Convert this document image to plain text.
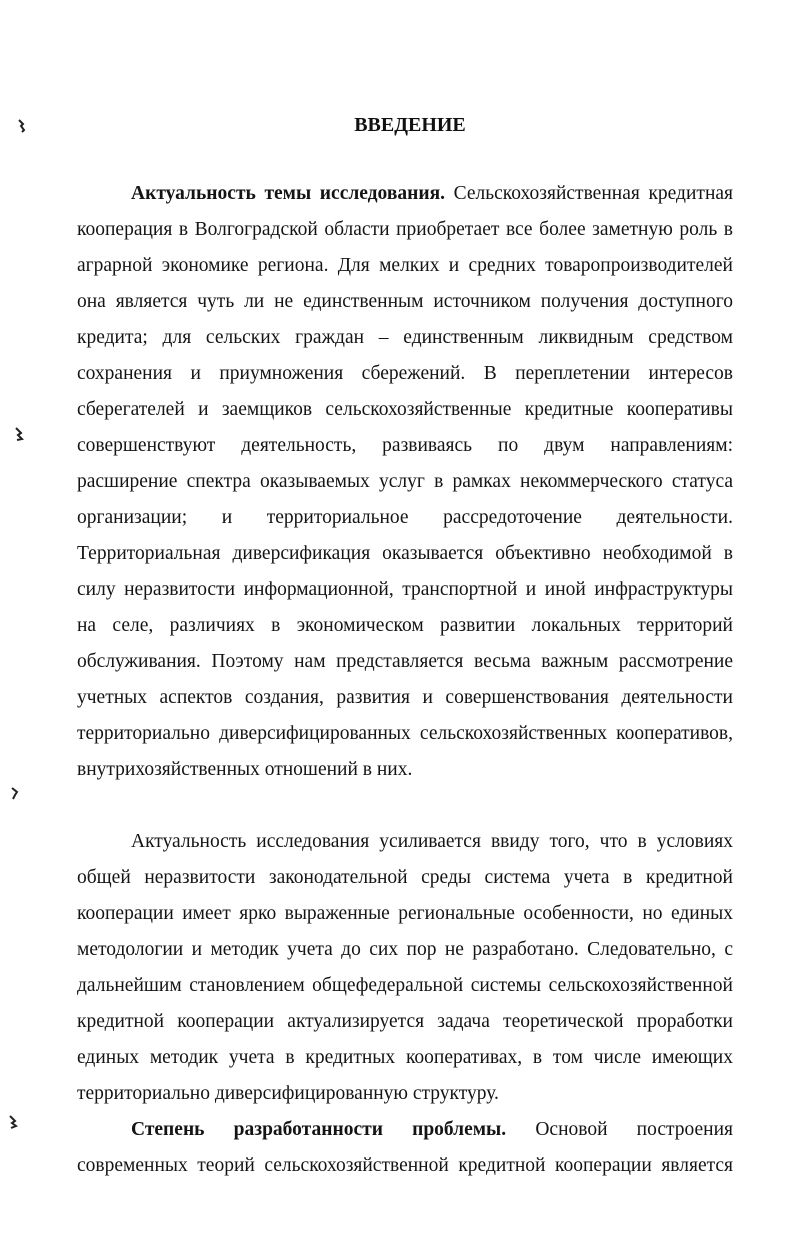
ВВЕДЕНИЕ
Актуальность темы исследования. Сельскохозяйственная кредитная
кооперация в Волгоградской области приобретает все более заметную роль в
аграрной экономике региона. Для мелких и средних товаропроизводителей
она является чуть ли не единственным источником получения доступного
кредита; для сельских граждан – единственным ликвидным средством
сохранения и приумножения сбережений. В переплетении интересов
сберегателей и заемщиков сельскохозяйственные кредитные кооперативы
совершенствуют деятельность, развиваясь по двум направлениям:
расширение спектра оказываемых услуг в рамках некоммерческого статуса
организации; и территориальное рассредоточение деятельности.
Территориальная диверсификация оказывается объективно необходимой в
силу неразвитости информационной, транспортной и иной инфраструктуры
на селе, различиях в экономическом развитии локальных территорий
обслуживания. Поэтому нам представляется весьма важным рассмотрение
учетных аспектов создания, развития и совершенствования деятельности
территориально диверсифицированных сельскохозяйственных кооперативов,
внутрихозяйственных отношений в них.
Актуальность исследования усиливается ввиду того, что в условиях
общей неразвитости законодательной среды система учета в кредитной
кооперации имеет ярко выраженные региональные особенности, но единых
методологии и методик учета до сих пор не разработано. Следовательно, с
дальнейшим становлением общефедеральной системы сельскохозяйственной
кредитной кооперации актуализируется задача теоретической проработки
единых методик учета в кредитных кооперативах, в том числе имеющих
территориально диверсифицированную структуру.
Степень разработанности проблемы. Основой построения
современных теорий сельскохозяйственной кредитной кооперации является
